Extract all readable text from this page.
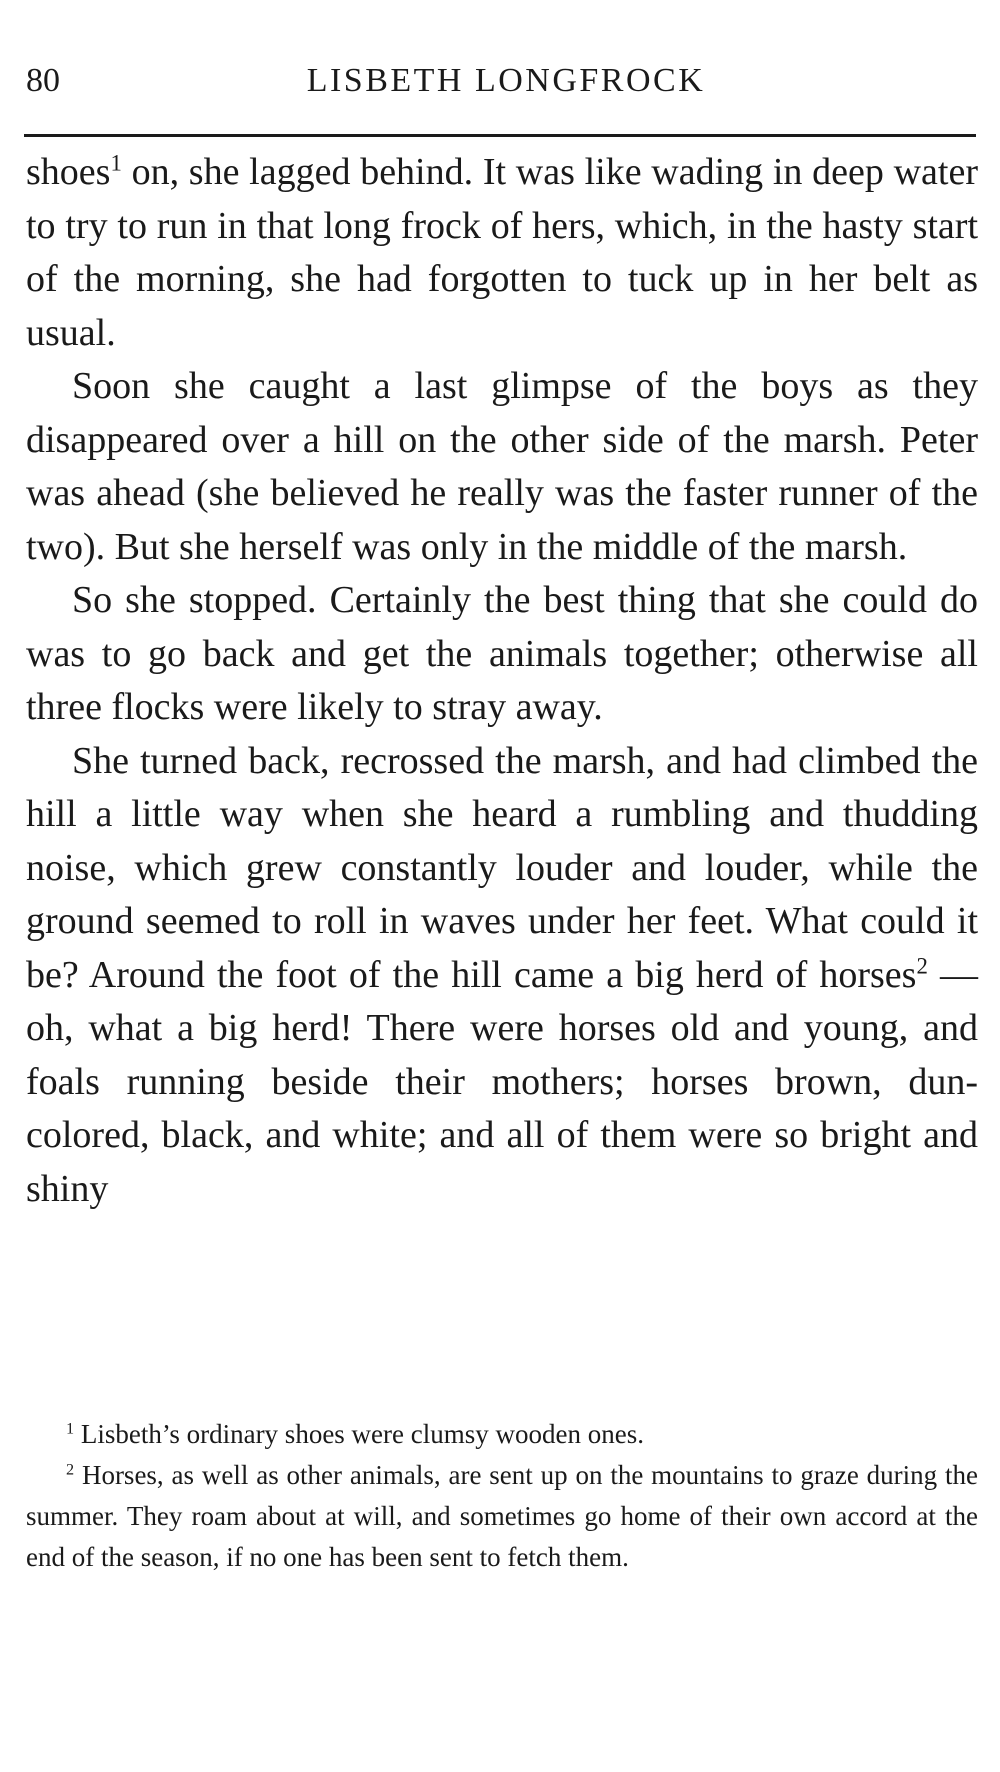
80	LISBETH LONGFROCK

shoes$^1$ on, she lagged behind. It was like wading in deep water to try to run in that long frock of hers, which, in the hasty start of the morning, she had forgotten to tuck up in her belt as usual.

Soon she caught a last glimpse of the boys as they disappeared over a hill on the other side of the marsh. Peter was ahead (she believed he really was the faster runner of the two). But she herself was only in the middle of the marsh.

So she stopped. Certainly the best thing that she could do was to go back and get the animals together; otherwise all three flocks were likely to stray away.

She turned back, recrossed the marsh, and had climbed the hill a little way when she heard a rumbling and thudding noise, which grew constantly louder and louder, while the ground seemed to roll in waves under her feet. What could it be? Around the foot of the hill came a big herd of horses$^2$ — oh, what a big herd! There were horses old and young, and foals running beside their mothers; horses brown, dun-colored, black, and white; and all of them were so bright and shiny

$^1$ Lisbeth’s ordinary shoes were clumsy wooden ones.

$^2$ Horses, as well as other animals, are sent up on the mountains to graze during the summer. They roam about at will, and sometimes go home of their own accord at the end of the season, if no one has been sent to fetch them.
